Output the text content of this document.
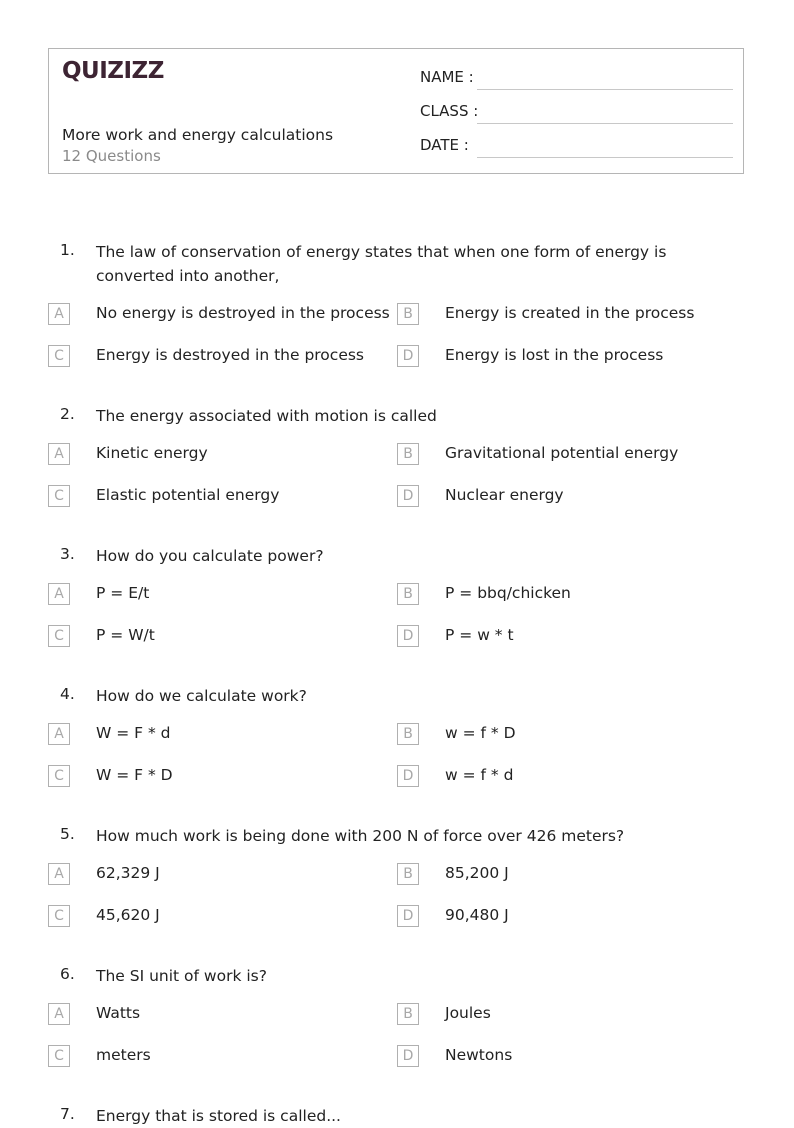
QUIZIZZ
More work and energy calculations
12 Questions
NAME :
CLASS :
DATE :
1. The law of conservation of energy states that when one form of energy is converted into another,
A	No energy is destroyed in the process B	Energy is created in the process
C	Energy is destroyed in the process	D	Energy is lost in the process
2. The energy associated with motion is called
A	Kinetic energy	B	Gravitational potential energy
C	Elastic potential energy	D	Nuclear energy
3. How do you calculate power?
A	P = E/t	B	P = bbq/chicken
C	P = W/t	D	P = w * t
4. How do we calculate work?
A	W = F * d	B	w = f * D
C	W = F * D	D	w = f * d
5. How much work is being done with 200 N of force over 426 meters?
A	62,329 J	B	85,200 J
C	45,620 J	D	90,480 J
6. The SI unit of work is?
A	Watts	B	Joules
C	meters	D	Newtons
7. Energy that is stored is called...
